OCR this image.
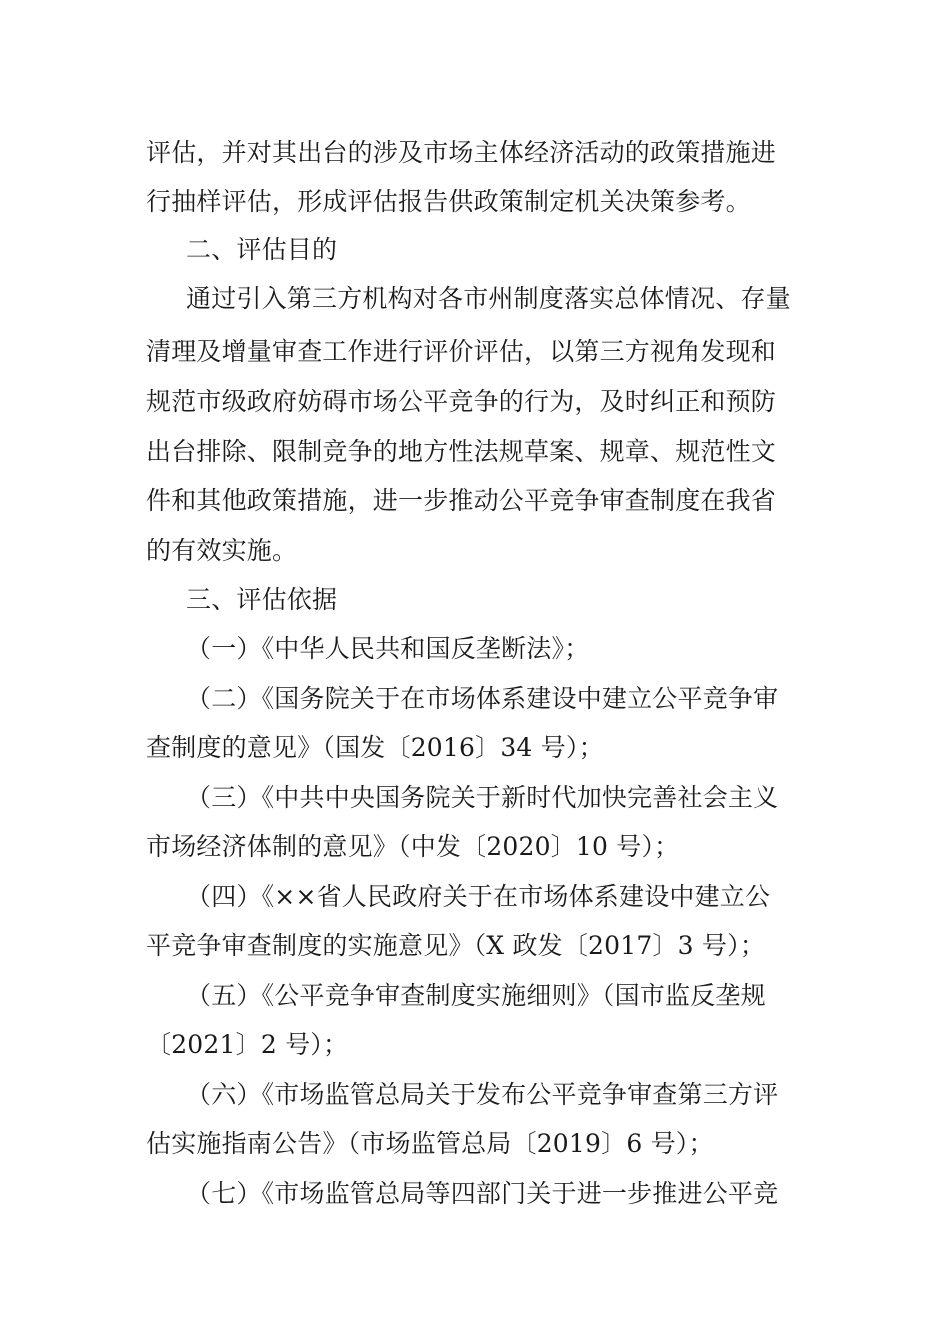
评估，并对其出台的涉及市场主体经济活动的政策措施进
行抽样评估，形成评估报告供政策制定机关决策参考。
二、评估目的
通过引入第三方机构对各市州制度落实总体情况、存量
清理及增量审查工作进行评价评估，以第三方视角发现和
规范市级政府妨碍市场公平竞争的行为，及时纠正和预防
出台排除、限制竞争的地方性法规草案、规章、规范性文
件和其他政策措施，进一步推动公平竞争审查制度在我省
的有效实施。
三、评估依据
（一）《中华人民共和国反垄断法》；
（二）《国务院关于在市场体系建设中建立公平竞争审
查制度的意见》（国发〔2016〕34 号）；
（三）《中共中央国务院关于新时代加快完善社会主义
市场经济体制的意见》（中发〔2020〕10 号）；
（四）《××省人民政府关于在市场体系建设中建立公
平竞争审查制度的实施意见》（X 政发〔2017〕3 号）；
（五）《公平竞争审查制度实施细则》（国市监反垄规
〔2021〕2 号）；
（六）《市场监管总局关于发布公平竞争审查第三方评
估实施指南公告》（市场监管总局〔2019〕6 号）；
（七）《市场监管总局等四部门关于进一步推进公平竞
